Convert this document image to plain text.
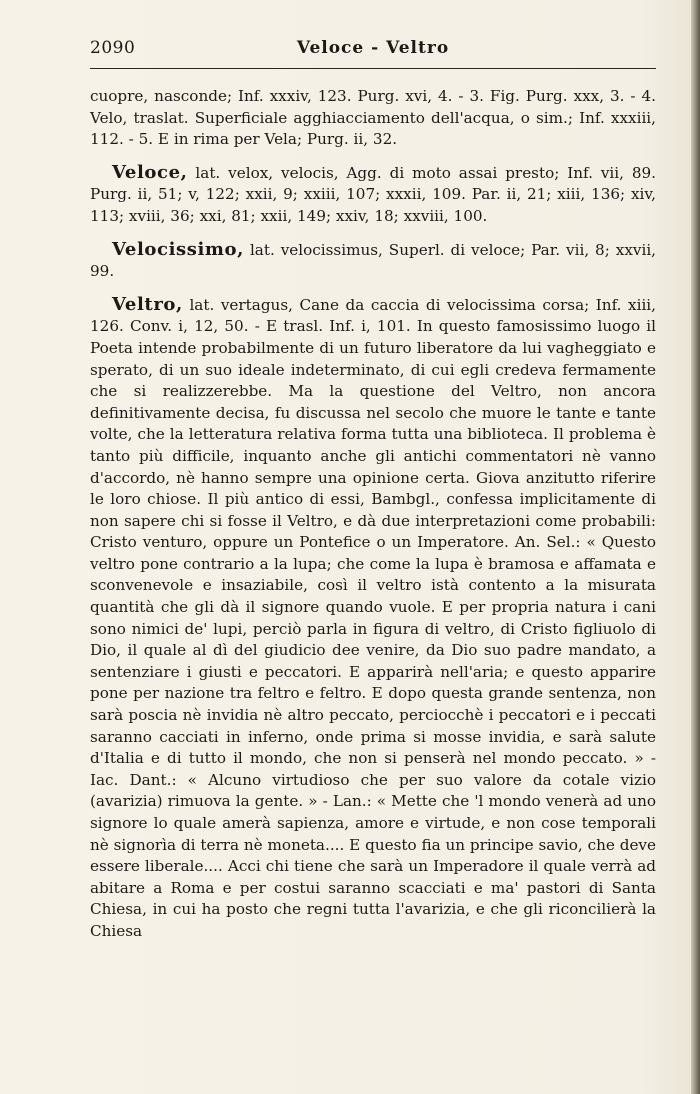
2090	Veloce - Veltro

cuopre, nasconde; Inf. xxxiv, 123. Purg. xvi, 4. - 3. Fig. Purg. xxx, 3. - 4. Velo, traslat. Superficiale agghiacciamento dell'acqua, o sim.; Inf. xxxiii, 112. - 5. E in rima per Vela; Purg. ii, 32.

Veloce, lat. velox, velocis, Agg. di moto assai presto; Inf. vii, 89. Purg. ii, 51; v, 122; xxii, 9; xxiii, 107; xxxii, 109. Par. ii, 21; xiii, 136; xiv, 113; xviii, 36; xxi, 81; xxii, 149; xxiv, 18; xxviii, 100.

Velocissimo, lat. velocissimus, Superl. di veloce; Par. vii, 8; xxvii, 99.

Veltro, lat. vertagus, Cane da caccia di velocissima corsa; Inf. xiii, 126. Conv. i, 12, 50. - E trasl. Inf. i, 101. In questo famosissimo luogo il Poeta intende probabilmente di un futuro liberatore da lui vagheggiato e sperato, di un suo ideale indeterminato, di cui egli credeva fermamente che si realizzerebbe. Ma la questione del Veltro, non ancora definitivamente decisa, fu discussa nel secolo che muore le tante e tante volte, che la letteratura relativa forma tutta una biblioteca. Il problema è tanto più difficile, inquanto anche gli antichi commentatori nè vanno d'accordo, nè hanno sempre una opinione certa. Giova anzitutto riferire le loro chiose. Il più antico di essi, Bambgl., confessa implicitamente di non sapere chi si fosse il Veltro, e dà due interpretazioni come probabili: Cristo venturo, oppure un Pontefice o un Imperatore. An. Sel.: « Questo veltro pone contrario a la lupa; che come la lupa è bramosa e affamata e sconvenevole e insaziabile, così il veltro istà contento a la misurata quantità che gli dà il signore quando vuole. E per propria natura i cani sono nimici de' lupi, perciò parla in figura di veltro, di Cristo figliuolo di Dio, il quale al dì del giudicio dee venire, da Dio suo padre mandato, a sentenziare i giusti e peccatori. E apparirà nell'aria; e questo apparire pone per nazione tra feltro e feltro. E dopo questa grande sentenza, non sarà poscia nè invidia nè altro peccato, perciocchè i peccatori e i peccati saranno cacciati in inferno, onde prima si mosse invidia, e sarà salute d'Italia e di tutto il mondo, che non si penserà nel mondo peccato. » - Iac. Dant.: « Alcuno virtudioso che per suo valore da cotale vizio (avarizia) rimuova la gente. » - Lan.: « Mette che 'l mondo venerà ad uno signore lo quale amerà sapienza, amore e virtude, e non cose temporali nè signorìa di terra nè moneta.... E questo fia un principe savio, che deve essere liberale.... Acci chi tiene che sarà un Imperadore il quale verrà ad abitare a Roma e per costui saranno scacciati e ma' pastori di Santa Chiesa, in cui ha posto che regni tutta l'avarizia, e che gli riconcilierà la Chiesa
